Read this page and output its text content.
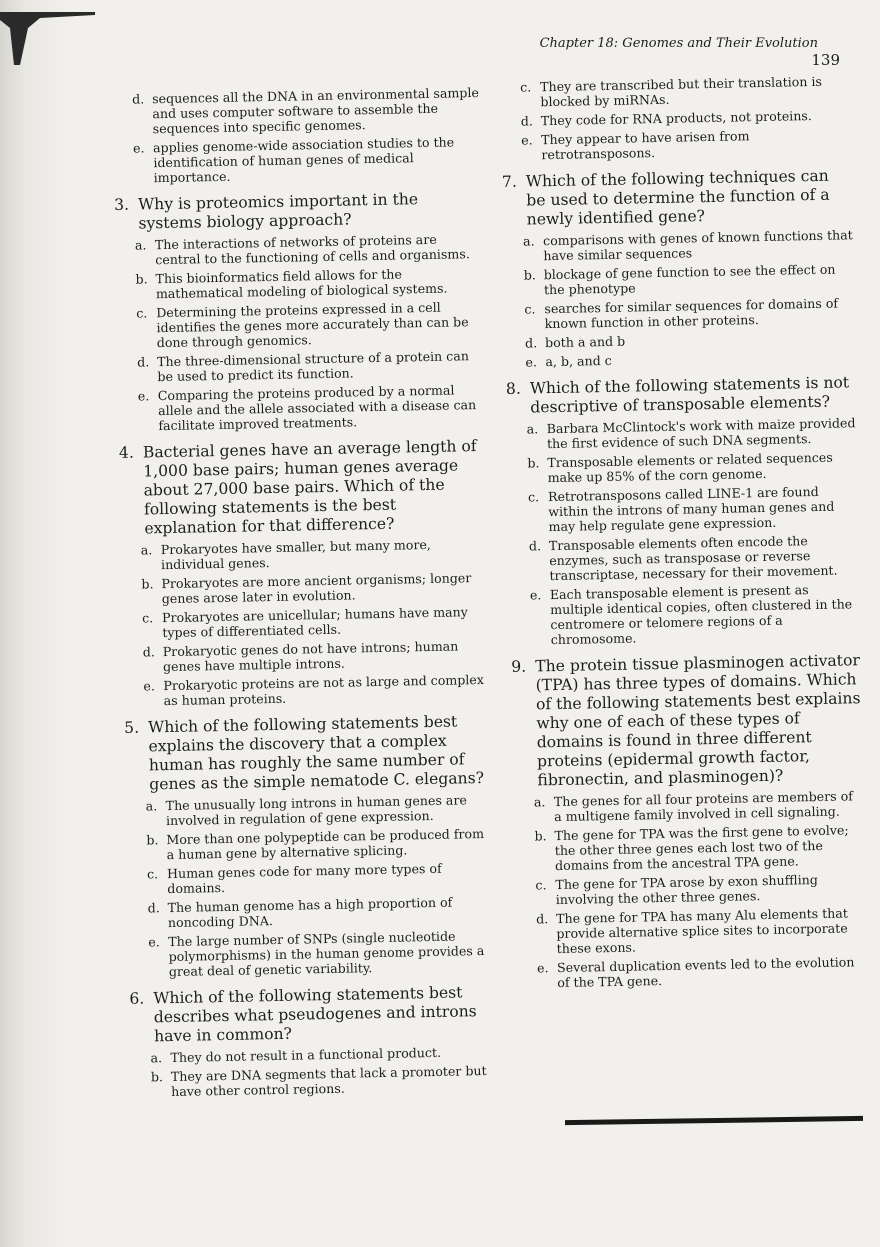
Chapter 18: Genomes and Their Evolution 139
d. sequences all the DNA in an environmental sample and uses computer software to assemble the sequences into specific genomes.
e. applies genome-wide association studies to the identification of human genes of medical importance.
3. Why is proteomics important in the systems biology approach?
a. The interactions of networks of proteins are central to the functioning of cells and organisms.
b. This bioinformatics field allows for the mathematical modeling of biological systems.
c. Determining the proteins expressed in a cell identifies the genes more accurately than can be done through genomics.
d. The three-dimensional structure of a protein can be used to predict its function.
e. Comparing the proteins produced by a normal allele and the allele associated with a disease can facilitate improved treatments.
4. Bacterial genes have an average length of 1,000 base pairs; human genes average about 27,000 base pairs. Which of the following statements is the best explanation for that difference?
a. Prokaryotes have smaller, but many more, individual genes.
b. Prokaryotes are more ancient organisms; longer genes arose later in evolution.
c. Prokaryotes are unicellular; humans have many types of differentiated cells.
d. Prokaryotic genes do not have introns; human genes have multiple introns.
e. Prokaryotic proteins are not as large and complex as human proteins.
5. Which of the following statements best explains the discovery that a complex human has roughly the same number of genes as the simple nematode C. elegans?
a. The unusually long introns in human genes are involved in regulation of gene expression.
b. More than one polypeptide can be produced from a human gene by alternative splicing.
c. Human genes code for many more types of domains.
d. The human genome has a high proportion of noncoding DNA.
e. The large number of SNPs (single nucleotide polymorphisms) in the human genome provides a great deal of genetic variability.
6. Which of the following statements best describes what pseudogenes and introns have in common?
a. They do not result in a functional product.
b. They are DNA segments that lack a promoter but have other control regions.
c. They are transcribed but their translation is blocked by miRNAs.
d. They code for RNA products, not proteins.
e. They appear to have arisen from retrotransposons.
7. Which of the following techniques can be used to determine the function of a newly identified gene?
a. comparisons with genes of known functions that have similar sequences
b. blockage of gene function to see the effect on the phenotype
c. searches for similar sequences for domains of known function in other proteins.
d. both a and b
e. a, b, and c
8. Which of the following statements is not descriptive of transposable elements?
a. Barbara McClintock's work with maize provided the first evidence of such DNA segments.
b. Transposable elements or related sequences make up 85% of the corn genome.
c. Retrotransposons called LINE-1 are found within the introns of many human genes and may help regulate gene expression.
d. Transposable elements often encode the enzymes, such as transposase or reverse transcriptase, necessary for their movement.
e. Each transposable element is present as multiple identical copies, often clustered in the centromere or telomere regions of a chromosome.
9. The protein tissue plasminogen activator (TPA) has three types of domains. Which of the following statements best explains why one of each of these types of domains is found in three different proteins (epidermal growth factor, fibronectin, and plasminogen)?
a. The genes for all four proteins are members of a multigene family involved in cell signaling.
b. The gene for TPA was the first gene to evolve; the other three genes each lost two of the domains from the ancestral TPA gene.
c. The gene for TPA arose by exon shuffling involving the other three genes.
d. The gene for TPA has many Alu elements that provide alternative splice sites to incorporate these exons.
e. Several duplication events led to the evolution of the TPA gene.
